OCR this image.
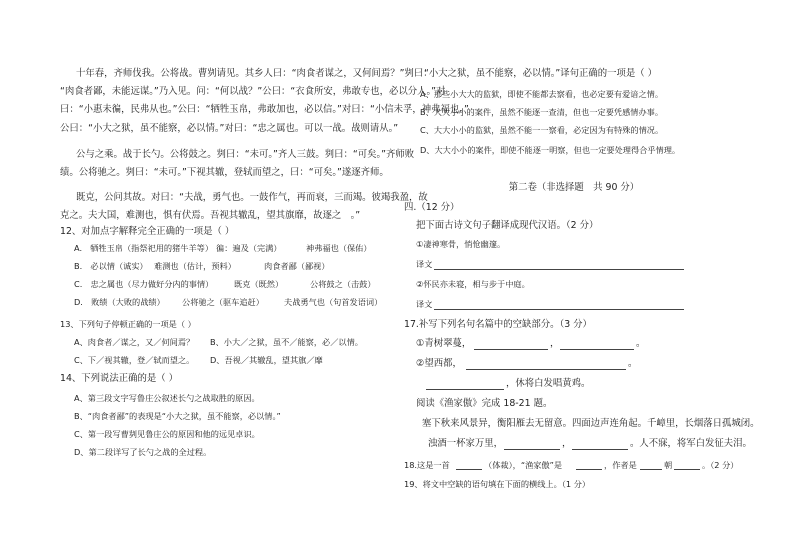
十年春，齐师伐我。公将战。曹刿请见。其乡人曰：“肉食者谋之，又何间焉？”刿曰：
“肉食者鄙，未能远谋。”乃入见。问：“何以战？”公曰：“衣食所安，弗敢专也，必以分人。”对
曰：“小惠未徧，民弗从也。”公曰：“牺牲玉帛，弗敢加也，必以信。”对曰：“小信未孚，神弗福也。”
公曰：“小大之狱，虽不能察，必以情。”对曰：“忠之属也。可以一战。战则请从。”
公与之乘。战于长勺。公将鼓之。刿曰：“未可。”齐人三鼓。刿曰：“可矣。”齐师败
绩。公将驰之。刿曰：“未可。”下视其辙，登轼而望之，曰：“可矣。”遂逐齐师。
既克，公问其故。对曰：“夫战，勇气也。一鼓作气，再而衰，三而竭。彼竭我盈，故
克之。夫大国，难测也，惧有伏焉。吾视其辙乱，望其旗靡，故逐之　。”
12、对加点字解释完全正确的一项是（ ）
A.　牺牲玉帛（指祭祀用的猪牛羊等） 徧：遍及（完满）	神弗福也（保佑）
B.　必以情（诚实） 难测也（估计，预料）	肉食者鄙（鄙视）
C.　忠之属也（尽力做好分内的事情）	既克（既然）	公将鼓之（击鼓）
D.　败绩（大败的战绩） 公将驰之（驱车追赶） 夫战勇气也（句首发语词）
13、下列句子停顿正确的一项是（ ）
A、肉食者／谋之，又／何间焉？ B、小大／之狱，虽不／能察，必／以情。
C、下／视其辙，登／轼而望之。 D、吾视／其辙乱，望其旗／靡
14、下列说法正确的是（ ）
A、第三段文字写鲁庄公叙述长勺之战取胜的原因。
B、“肉食者鄙”的表现是“小大之狱，虽不能察，必以情。”
C、第一段写曹刿见鲁庄公的原因和他的远见卓识。
D、第二段详写了长勺之战的全过程。
“小大之狱，虽不能察，必以情。”译句正确的一项是（ ）
A、那些小大大的监狱，即使不能都去察看，也必定要有爱谙之情。
B、大大小小的案件，虽然不能逐一查清，但也一定要凭感情办事。
C、大大小小的监狱，虽然不能一一察看，必定因为有特殊的情况。
D、大大小小的案件，即使不能逐一明察，但也一定要处理得合乎情理。
第二卷（非选择题　共 90 分）
四.（12 分）
把下面古诗文句子翻译成现代汉语。（2 分）
①凄神寒骨，悄怆幽邃。
译文
②怀民亦未寝，相与步于中庭。
译文
17.补写下列名句名篇中的空缺部分。（3 分）
①青树翠蔓，	，	。
②望西都，	。
，休将白发唱黄鸡。
阅读《渔家傲》完成 18-21 题。
塞下秋来风景异，衡阳雁去无留意。四面边声连角起。千嶂里，长烟落日孤城闭。
浊酒一杯家万里，	，	。人不寐，将军白发征夫泪。
18.这是一首	（体裁），“渔家傲”是	，作者是	朝	。（2 分）
19、将文中空缺的语句填在下面的横线上。（1 分）
